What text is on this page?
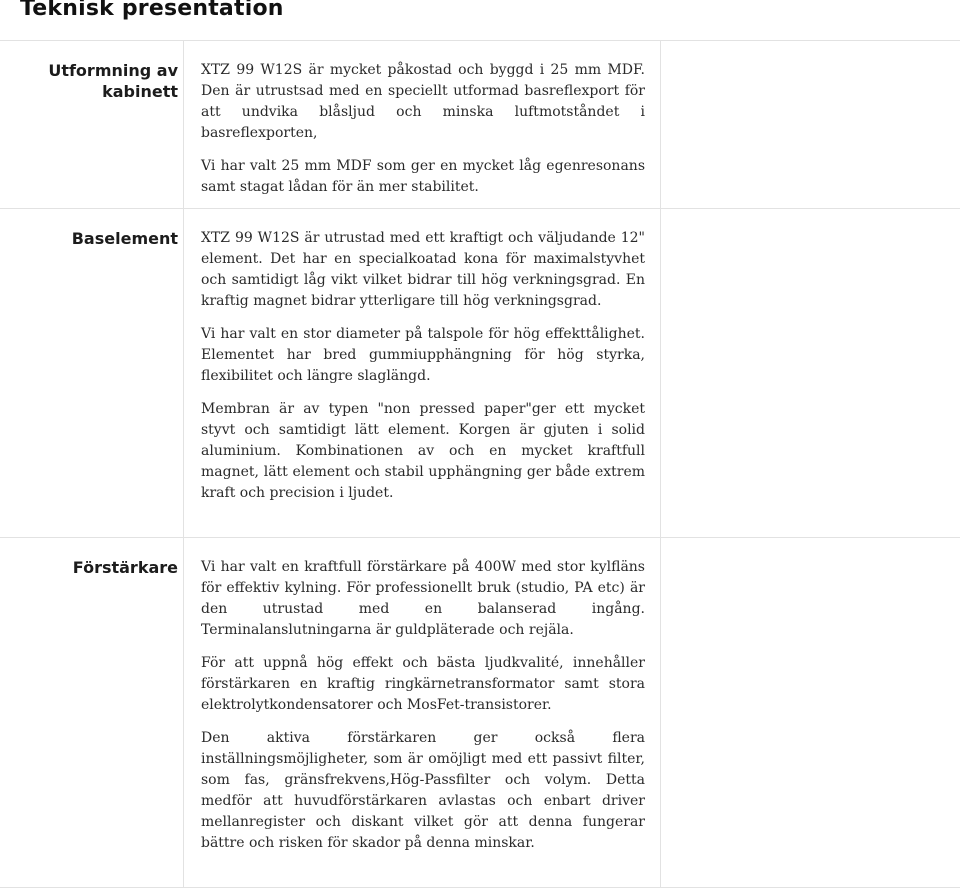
Teknisk presentation
Utformning av kabinett

XTZ 99 W12S är mycket påkostad och byggd i 25 mm MDF. Den är utrustsad med en speciellt utformad basreflexport för att undvika blåsljud och minska luftmotståndet i basreflexporten,

Vi har valt 25 mm MDF som ger en mycket låg egenresonans samt stagat lådan för än mer stabilitet.

Baselement XTZ 99 W12S är utrustad med ett kraftigt och väljudande 12" element. Det har en specialkoatad kona för maximalstyvhet och samtidigt låg vikt vilket bidrar till hög verkningsgrad. En kraftig magnet bidrar ytterligare till hög verkningsgrad.

Vi har valt en stor diameter på talspole för hög effekttålighet. Elementet har bred gummiupphängning för hög styrka, flexibilitet och längre slaglängd.

Membran är av typen "non pressed paper"ger ett mycket styvt och samtidigt lätt element. Korgen är gjuten i solid aluminium. Kombinationen av och en mycket kraftfull magnet, lätt element och stabil upphängning ger både extrem kraft och precision i ljudet.

Förstärkare Vi har valt en kraftfull förstärkare på 400W med stor kylfläns för effektiv kylning. För professionellt bruk (studio, PA etc) är den utrustad med en balanserad ingång. Terminalanslutningarna är guldpläterade och rejäla.

För att uppnå hög effekt och bästa ljudkvalité, innehåller förstärkaren en kraftig ringkärnetransformator samt stora elektrolytkondensatorer och MosFet-transistorer.

Den aktiva förstärkaren ger också flera inställningsmöjligheter, som är omöjligt med ett passivt filter, som fas, gränsfrekvens,Hög-Passfilter och volym. Detta medför att huvudförstärkaren avlastas och enbart driver mellanregister och diskant vilket gör att denna fungerar bättre och risken för skador på denna minskar.
